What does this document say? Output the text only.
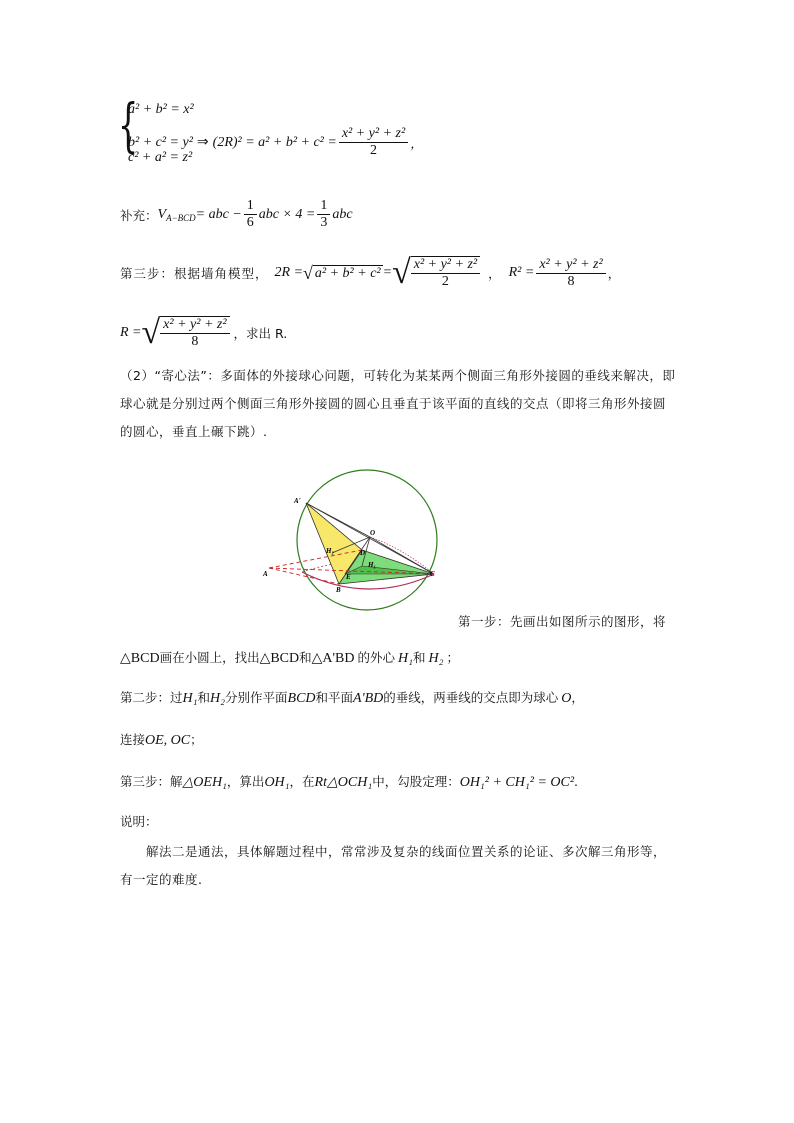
{
a² + b² = x²
b² + c² = y² ⇒ $(2R)^2 = a^2 + b^2 + c^2 = \frac{\text{x² + y² + z²}}{2}$ ，
c² + a² = z²
补充： $V_{A-BCD}$ = abc − $\frac{1}{6}$ abc × $4 = \frac{1}{3}$ abc
第三步：根据墙角模型， 2R = √ a² + b² + c² = √ $\frac{\text{x² + y² + z²}}{2}$ ， $R^2 = \frac{\text{x² + y² + z²}}{8}$ ，
R = √ $\frac{\text{x² + y² + z²}}{8}$ ，求出 R.
（2）“寄心法”：多面体的外接球心问题，可转化为某某两个侧面三角形外接圆的垂线来解决，即球心就是分别过两个侧面三角形外接圆的圆心且垂直于该平面的直线的交点（即将三角形外接圆的圆心，垂直上碾下跳）.
A'
O
H₂	D
H₁
E
A
B
C
第一步：先画出如图所示的图形，将
△BCD画在小圆上，找出△BCD和△A'BD 的外心 H₁和 H₂ ；
第二步：过H₁和H₂分别作平面BCD和平面A'BD的垂线，两垂线的交点即为球心 O，
连接OE, OC；
第三步：解△OEH₁，算出OH₁，在Rt△OCH₁中，勾股定理：OH₁² + CH₁² = OC².
说明：
解法二是通法，具体解题过程中，常常涉及复杂的线面位置关系的论证、多次解三角形等，有一定的难度.
